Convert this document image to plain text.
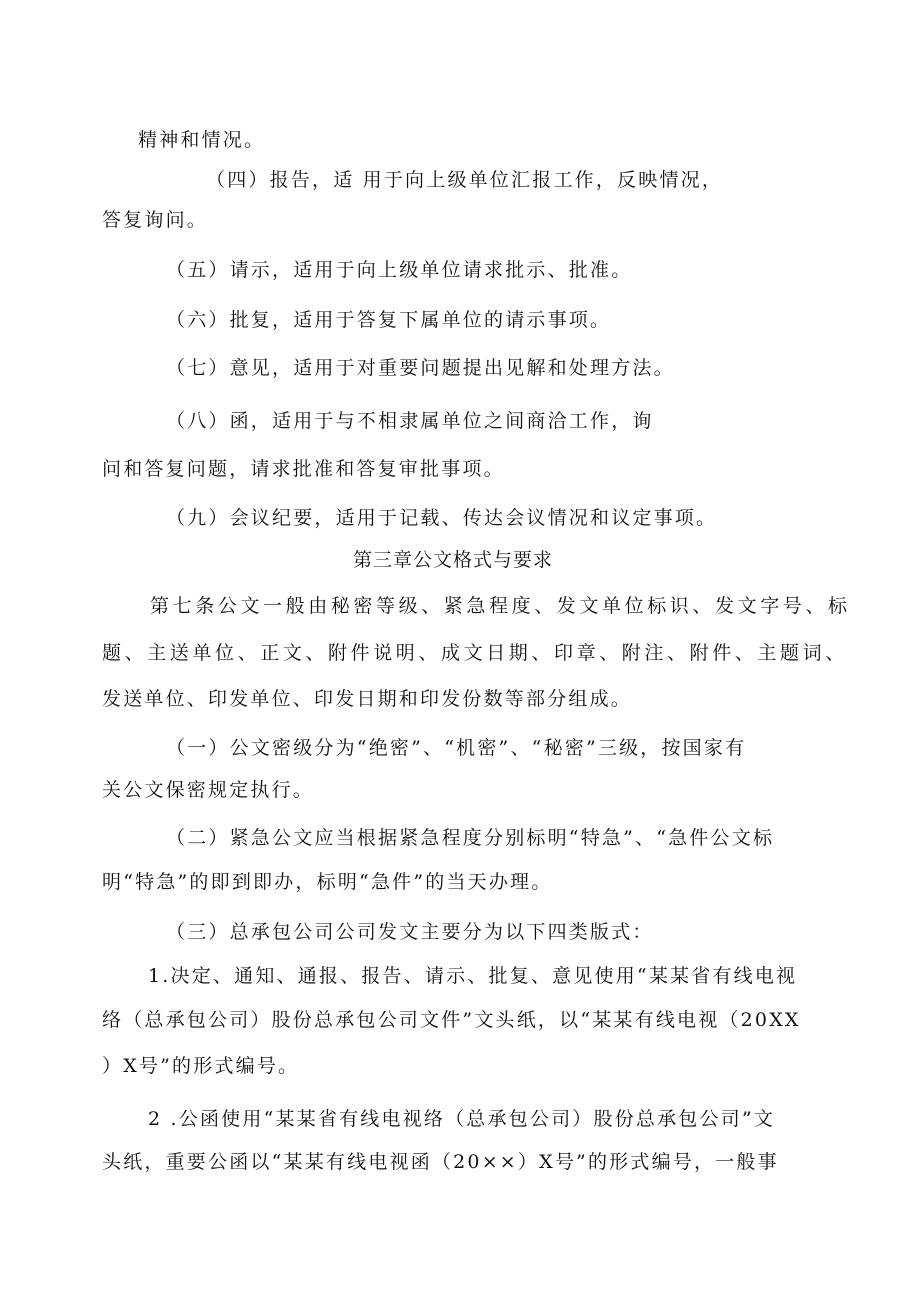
精神和情况。
（四）报告，适 用于向上级单位汇报工作，反映情况，
答复询问。
（五）请示，适用于向上级单位请求批示、批准。
（六）批复，适用于答复下属单位的请示事项。
（七）意见，适用于对重要问题提出见解和处理方法。
（八）函，适用于与不相隶属单位之间商洽工作，询
问和答复问题，请求批准和答复审批事项。
（九）会议纪要，适用于记载、传达会议情况和议定事项。
第三章公文格式与要求
第七条公文一般由秘密等级、紧急程度、发文单位标识、发文字号、标
题、主送单位、正文、附件说明、成文日期、印章、附注、附件、主题词、
发送单位、印发单位、印发日期和印发份数等部分组成。
（一）公文密级分为“绝密”、“机密”、“秘密”三级，按国家有
关公文保密规定执行。
（二）紧急公文应当根据紧急程度分别标明“特急”、“急件公文标
明“特急”的即到即办，标明“急件”的当天办理。
（三）总承包公司公司发文主要分为以下四类版式：
1.决定、通知、通报、报告、请示、批复、意见使用“某某省有线电视
络（总承包公司）股份总承包公司文件”文头纸，以“某某有线电视（20XX
）X号”的形式编号。
2 .公函使用“某某省有线电视络（总承包公司）股份总承包公司”文
头纸，重要公函以“某某有线电视函（20××）X号”的形式编号，一般事
